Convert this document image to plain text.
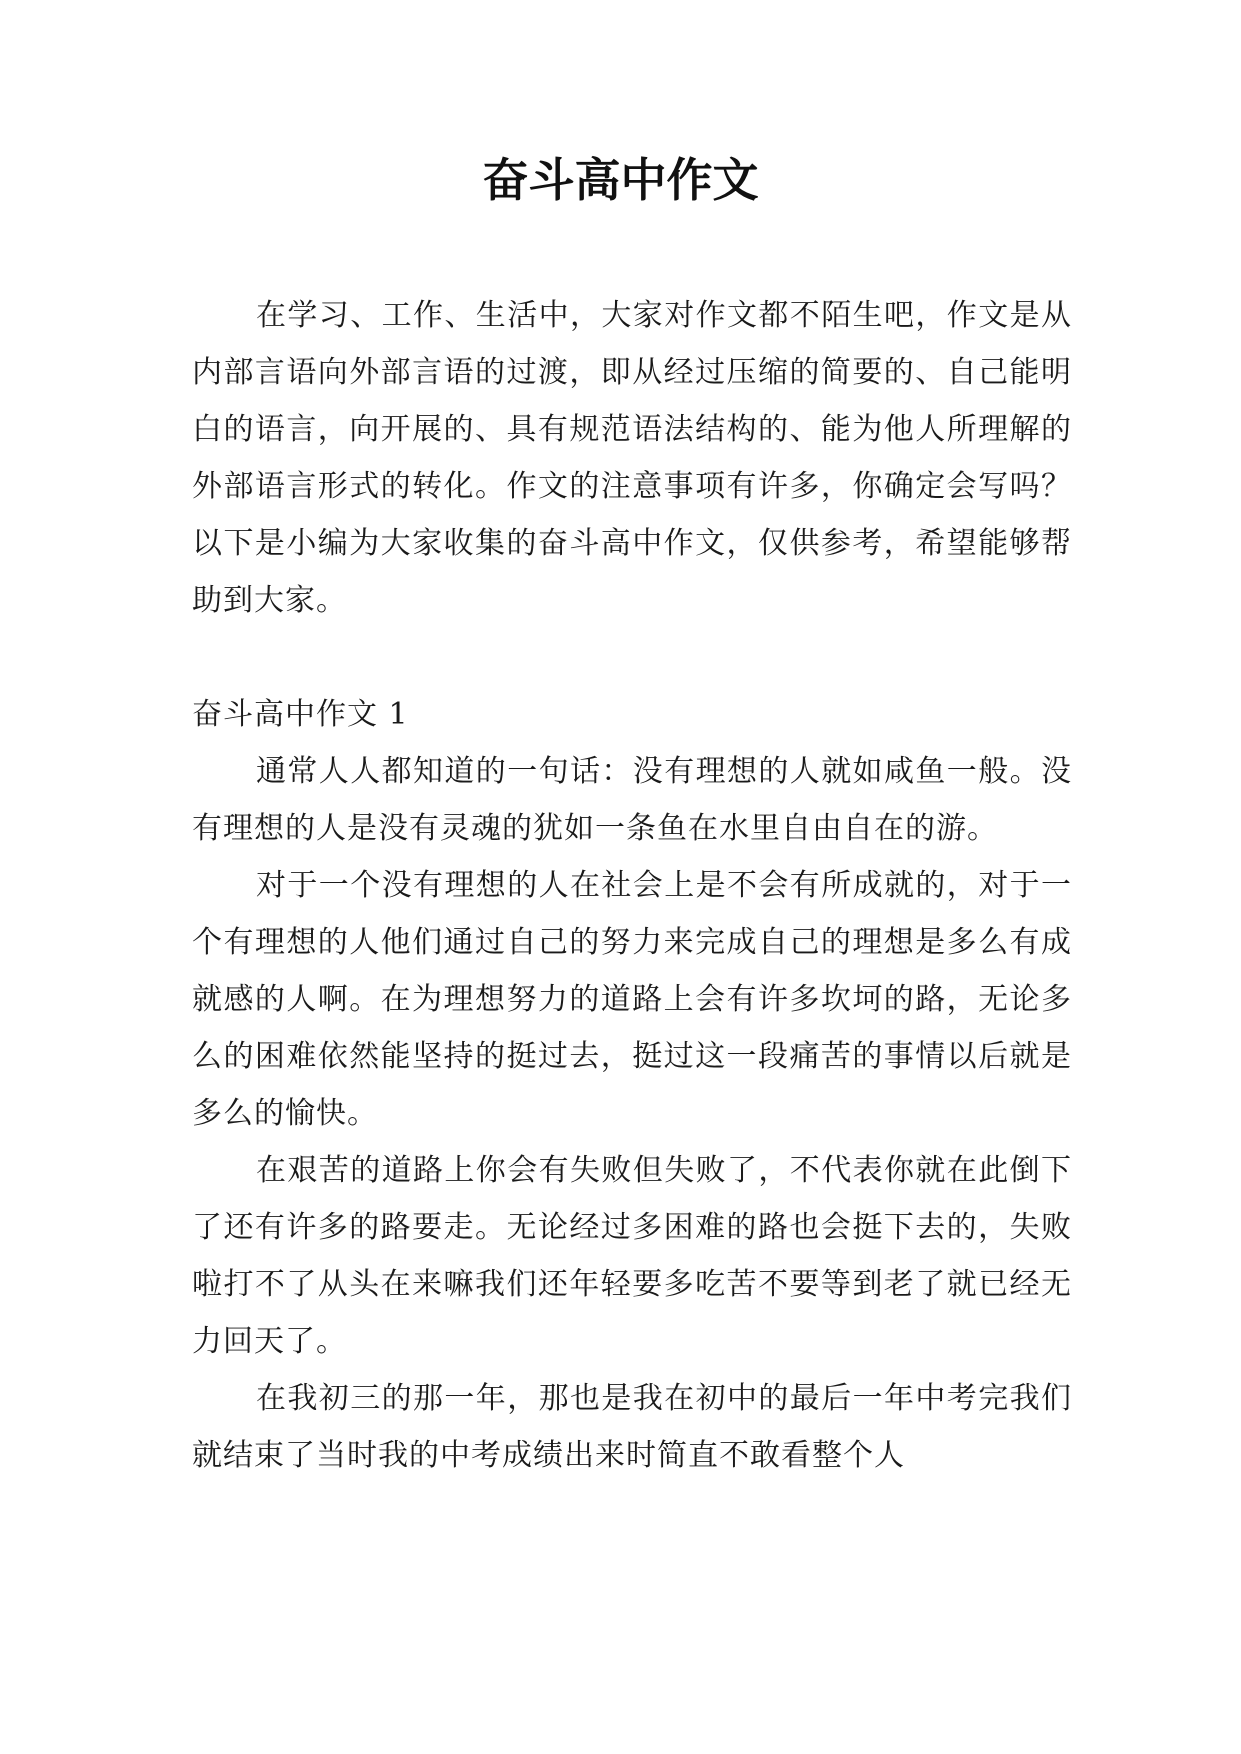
奋斗高中作文

在学习、工作、生活中，大家对作文都不陌生吧，作文是从内部言语向外部言语的过渡，即从经过压缩的简要的、自己能明白的语言，向开展的、具有规范语法结构的、能为他人所理解的外部语言形式的转化。作文的注意事项有许多，你确定会写吗？以下是小编为大家收集的奋斗高中作文，仅供参考，希望能够帮助到大家。

奋斗高中作文 1

通常人人都知道的一句话：没有理想的人就如咸鱼一般。没有理想的人是没有灵魂的犹如一条鱼在水里自由自在的游。

对于一个没有理想的人在社会上是不会有所成就的，对于一个有理想的人他们通过自己的努力来完成自己的理想是多么有成就感的人啊。在为理想努力的道路上会有许多坎坷的路，无论多么的困难依然能坚持的挺过去，挺过这一段痛苦的事情以后就是多么的愉快。

在艰苦的道路上你会有失败但失败了，不代表你就在此倒下了还有许多的路要走。无论经过多困难的路也会挺下去的，失败啦打不了从头在来嘛我们还年轻要多吃苦不要等到老了就已经无力回天了。

在我初三的那一年，那也是我在初中的最后一年中考完我们就结束了当时我的中考成绩出来时简直不敢看整个人
